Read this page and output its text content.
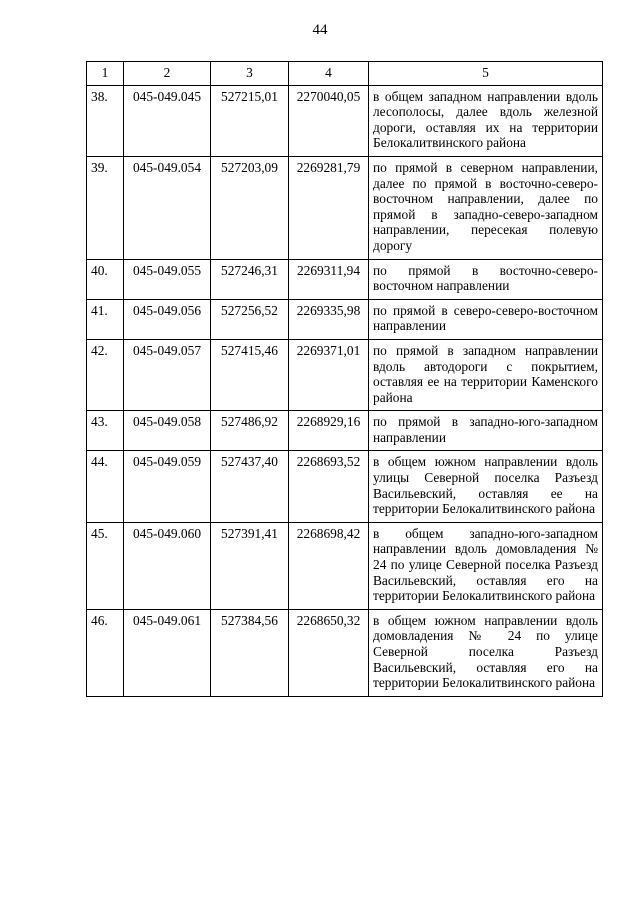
44
1	2	3	4	5
38.	045-049.045	527215,01	2270040,05	в общем западном направлении вдоль лесополосы, далее вдоль железной дороги, оставляя их на территории Белокалитвинского района
39.	045-049.054	527203,09	2269281,79	по прямой в северном направлении, далее по прямой в восточно-северо-восточном направлении, далее по прямой в западно-северо-западном направлении, пересекая полевую дорогу
40.	045-049.055	527246,31	2269311,94	по прямой в восточно-северо-восточном направлении
41.	045-049.056	527256,52	2269335,98	по прямой в северо-северо-восточном направлении
42.	045-049.057	527415,46	2269371,01	по прямой в западном направлении вдоль автодороги с покрытием, оставляя ее на территории Каменского района
43.	045-049.058	527486,92	2268929,16	по прямой в западно-юго-западном направлении
44.	045-049.059	527437,40	2268693,52	в общем южном направлении вдоль улицы Северной поселка Разъезд Васильевский, оставляя ее на территории Белокалитвинского района
45.	045-049.060	527391,41	2268698,42	в общем западно-юго-западном направлении вдоль домовладения № 24 по улице Северной поселка Разъезд Васильевский, оставляя его на территории Белокалитвинского района
46.	045-049.061	527384,56	2268650,32	в общем южном направлении вдоль домовладения № 24 по улице Северной поселка Разъезд Васильевский, оставляя его на территории Белокалитвинского района
